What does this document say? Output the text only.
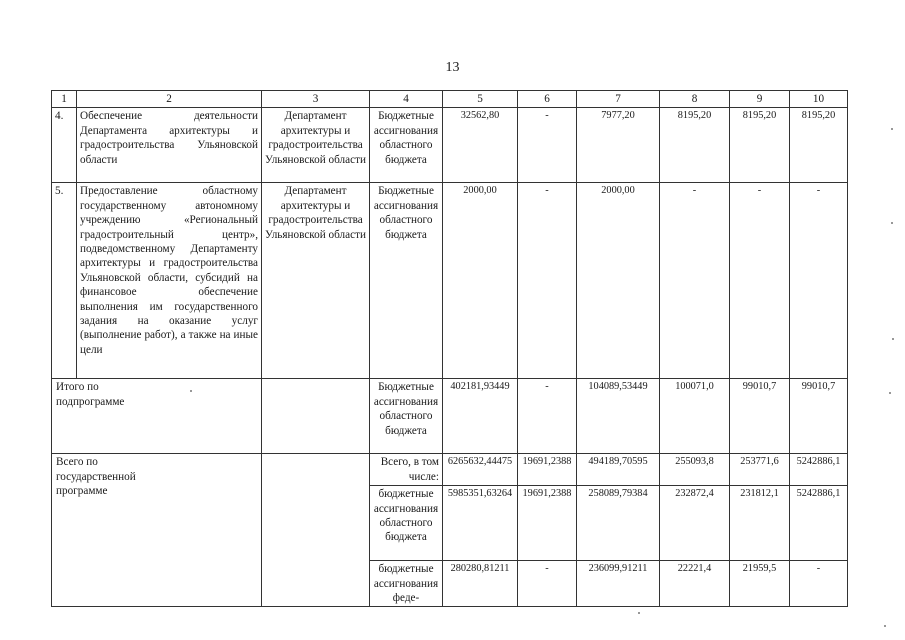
13
1	2	3	4	5	6	7	8	9	10
4.	Обеспечение деятельности Департамента архитектуры и градостроительства Ульяновской области	Департамент архитектуры и градостроительства Ульяновской области	Бюджетные ассигнования областного бюджета	32562,80	-	7977,20	8195,20	8195,20	8195,20
5.	Предоставление областному государственному автономному учреждению «Региональный градостроительный центр», подведомственному Департаменту архитектуры и градостроительства Ульяновской области, субсидий на финансовое обеспечение выполнения им государственного задания на оказание услуг (выполнение работ), а также на иные цели	Департамент архитектуры и градостроительства Ульяновской области	Бюджетные ассигнования областного бюджета	2000,00	-	2000,00	-	-	-

Итого по подпрограмме			Бюджетные ассигнования областного бюджета	402181,93449	-	104089,53449	100071,0	99010,7	99010,7

Всего по государственной программе			Всего, в том числе:	6265632,44475	19691,2388	494189,70595	255093,8	253771,6	5242886,1
			бюджетные ассигнования областного бюджета	5985351,63264	19691,2388	258089,79384	232872,4	231812,1	5242886,1
			бюджетные ассигнования феде-	280280,81211	-	236099,91211	22221,4	21959,5	-
